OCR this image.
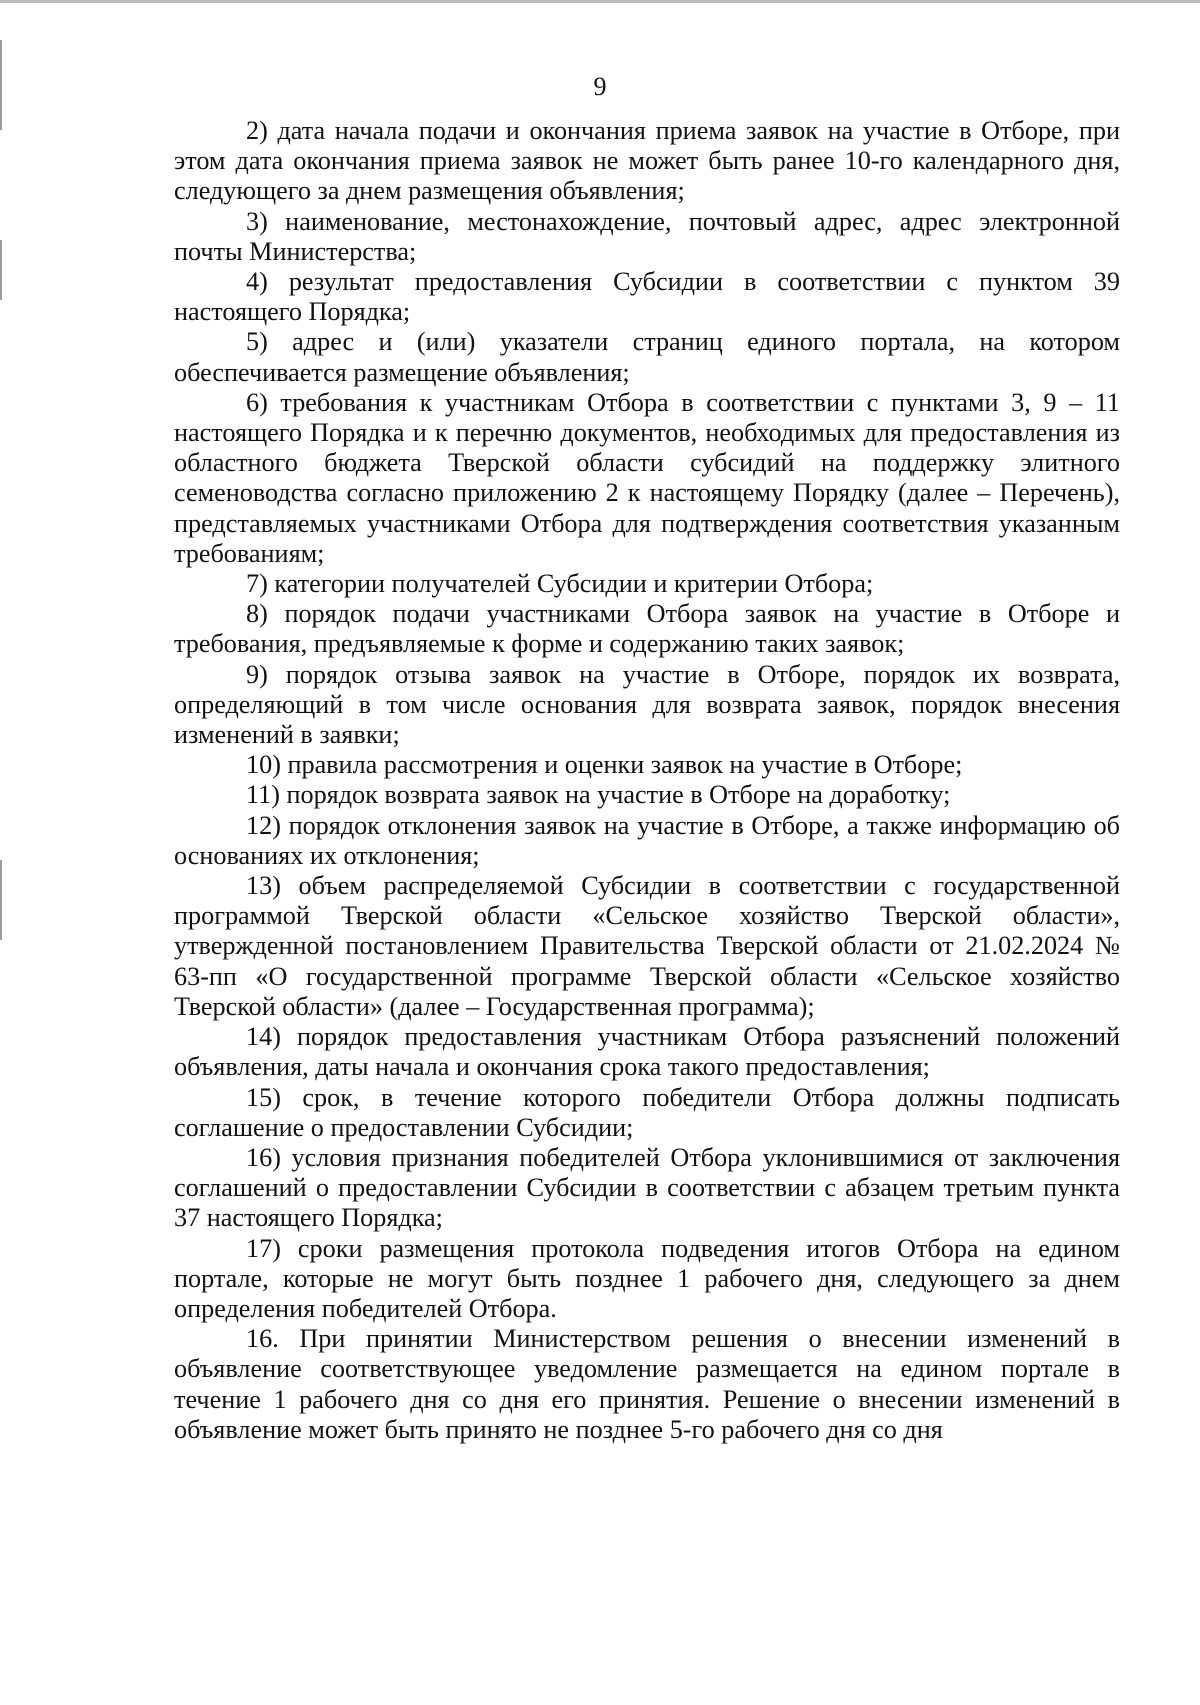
9

2) дата начала подачи и окончания приема заявок на участие в Отборе, при этом дата окончания приема заявок не может быть ранее 10-го календарного дня, следующего за днем размещения объявления;

3) наименование, местонахождение, почтовый адрес, адрес электронной почты Министерства;

4) результат предоставления Субсидии в соответствии с пунктом 39 настоящего Порядка;

5) адрес и (или) указатели страниц единого портала, на котором обеспечивается размещение объявления;

6) требования к участникам Отбора в соответствии с пунктами 3, 9 – 11 настоящего Порядка и к перечню документов, необходимых для предоставления из областного бюджета Тверской области субсидий на поддержку элитного семеноводства согласно приложению 2 к настоящему Порядку (далее – Перечень), представляемых участниками Отбора для подтверждения соответствия указанным требованиям;

7) категории получателей Субсидии и критерии Отбора;

8) порядок подачи участниками Отбора заявок на участие в Отборе и требования, предъявляемые к форме и содержанию таких заявок;

9) порядок отзыва заявок на участие в Отборе, порядок их возврата, определяющий в том числе основания для возврата заявок, порядок внесения изменений в заявки;

10) правила рассмотрения и оценки заявок на участие в Отборе;

11) порядок возврата заявок на участие в Отборе на доработку;

12) порядок отклонения заявок на участие в Отборе, а также информацию об основаниях их отклонения;

13) объем распределяемой Субсидии в соответствии с государственной программой Тверской области «Сельское хозяйство Тверской области», утвержденной постановлением Правительства Тверской области от 21.02.2024 № 63-пп «О государственной программе Тверской области «Сельское хозяйство Тверской области» (далее – Государственная программа);

14) порядок предоставления участникам Отбора разъяснений положений объявления, даты начала и окончания срока такого предоставления;

15) срок, в течение которого победители Отбора должны подписать соглашение о предоставлении Субсидии;

16) условия признания победителей Отбора уклонившимися от заключения соглашений о предоставлении Субсидии в соответствии с абзацем третьим пункта 37 настоящего Порядка;

17) сроки размещения протокола подведения итогов Отбора на едином портале, которые не могут быть позднее 1 рабочего дня, следующего за днем определения победителей Отбора.

16. При принятии Министерством решения о внесении изменений в объявление соответствующее уведомление размещается на едином портале в течение 1 рабочего дня со дня его принятия. Решение о внесении изменений в объявление может быть принято не позднее 5-го рабочего дня со дня
